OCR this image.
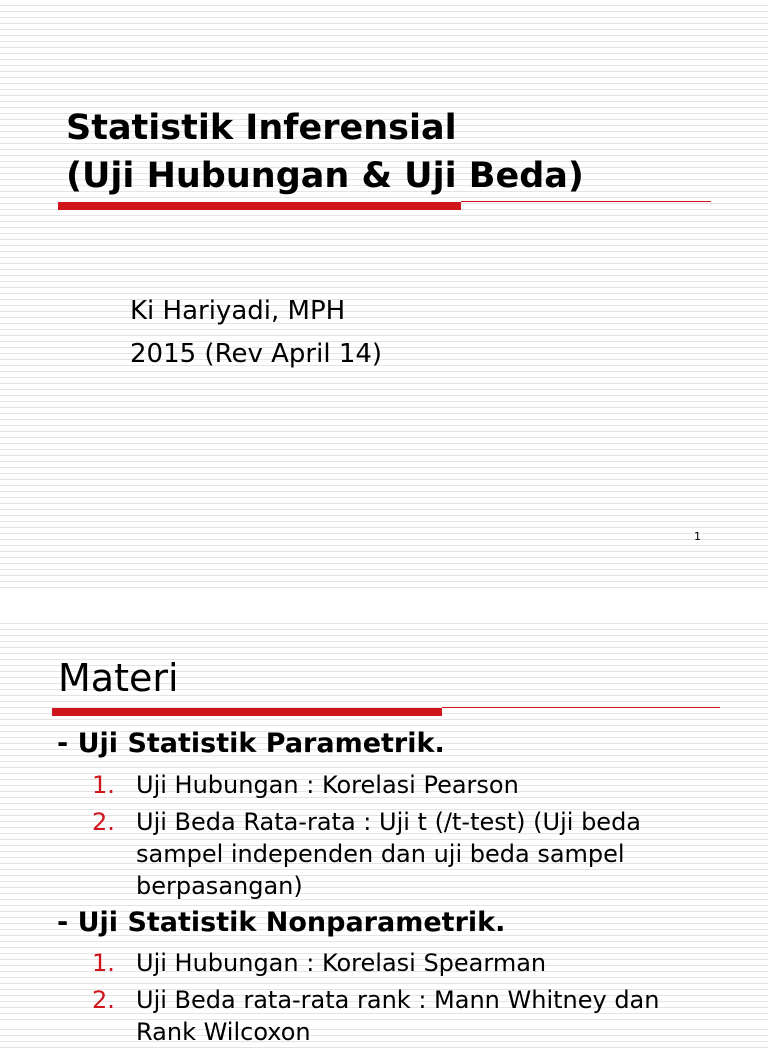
Statistik Inferensial
(Uji Hubungan & Uji Beda)
Ki Hariyadi, MPH
2015 (Rev April 14)
1
Materi
- Uji Statistik Parametrik.
1. Uji Hubungan : Korelasi Pearson
2. Uji Beda Rata-rata : Uji t (/t-test) (Uji beda sampel independen dan uji beda sampel berpasangan)
- Uji Statistik Nonparametrik.
1. Uji Hubungan : Korelasi Spearman
2. Uji Beda rata-rata rank : Mann Whitney dan Rank Wilcoxon
